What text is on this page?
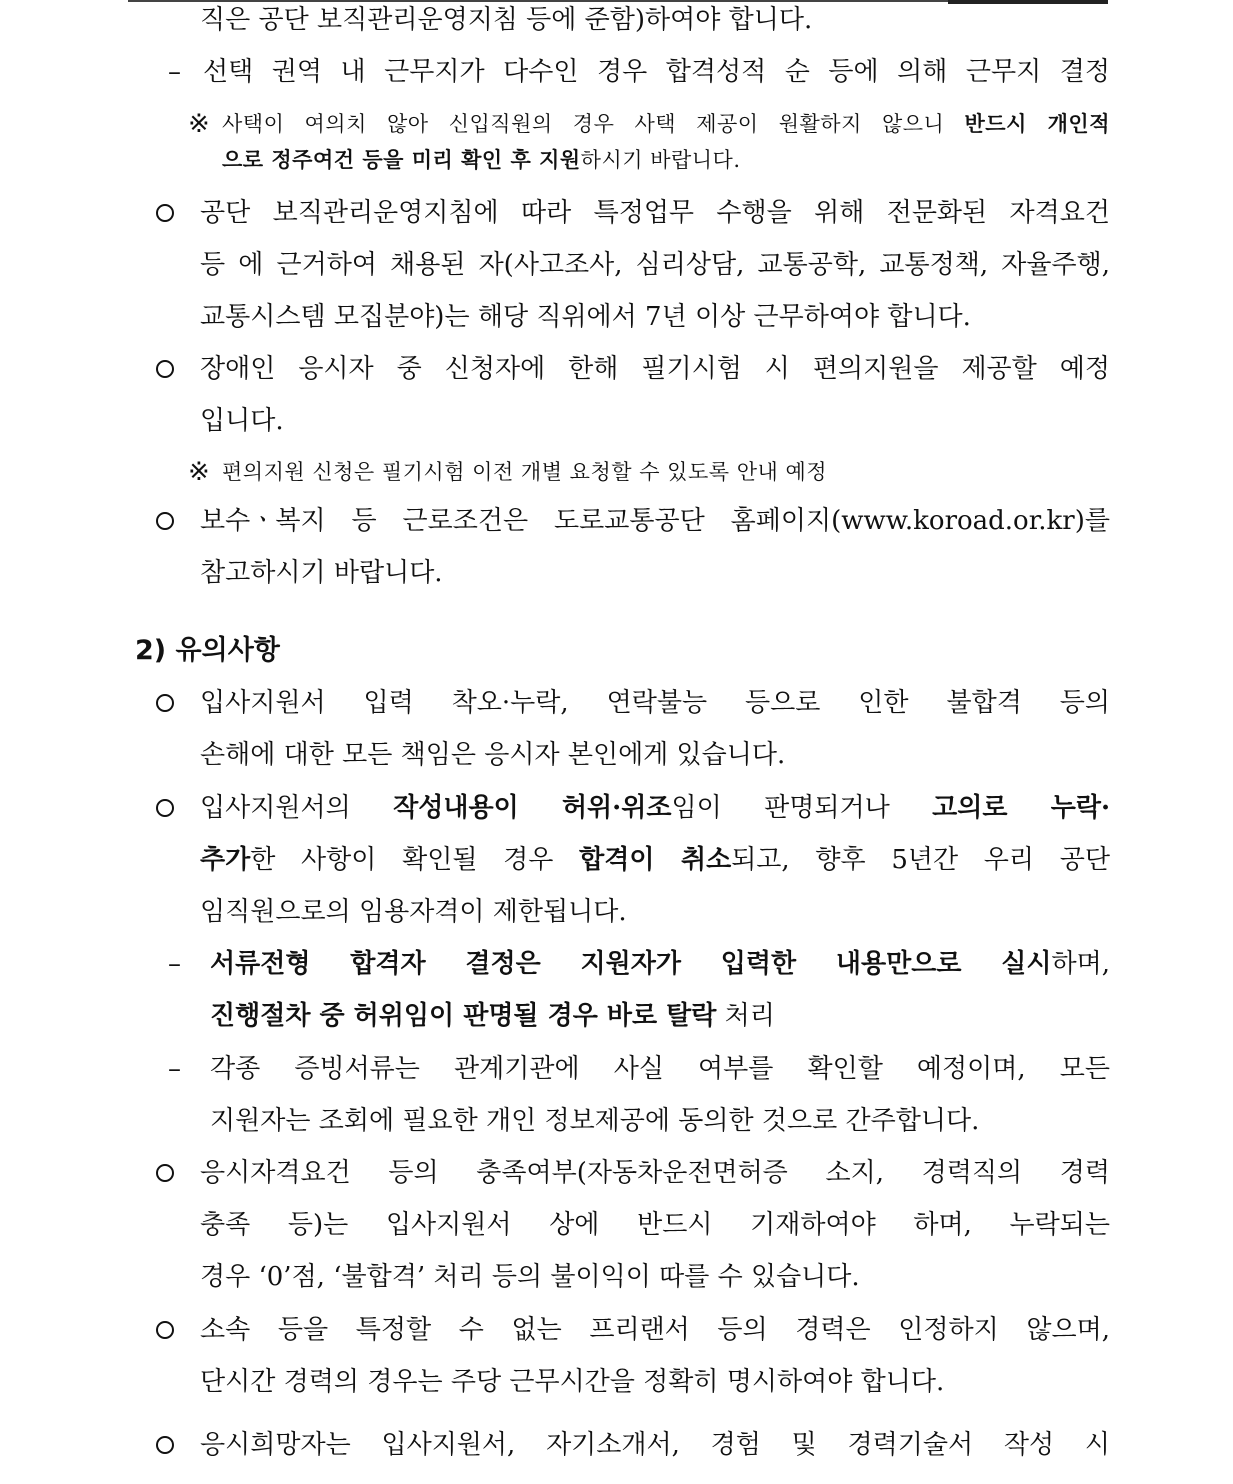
직은 공단 보직관리운영지침 등에 준함)하여야 합니다.
– 선택 권역 내 근무지가 다수인 경우 합격성적 순 등에 의해 근무지 결정
※ 사택이 여의치 않아 신입직원의 경우 사택 제공이 원활하지 않으니 반드시 개인적
으로 정주여건 등을 미리 확인 후 지원하시기 바랍니다.
공단 보직관리운영지침에 따라 특정업무 수행을 위해 전문화된 자격요건
등 에 근거하여 채용된 자(사고조사, 심리상담, 교통공학, 교통정책, 자율주행,
교통시스템 모집분야)는 해당 직위에서 7년 이상 근무하여야 합니다.
장애인 응시자 중 신청자에 한해 필기시험 시 편의지원을 제공할 예정
입니다.
※ 편의지원 신청은 필기시험 이전 개별 요청할 수 있도록 안내 예정
보수ㆍ복지 등 근로조건은 도로교통공단 홈페이지(www.koroad.or.kr)를
참고하시기 바랍니다.
2) 유의사항
입사지원서 입력 착오·누락, 연락불능 등으로 인한 불합격 등의
손해에 대한 모든 책임은 응시자 본인에게 있습니다.
입사지원서의 작성내용이 허위·위조임이 판명되거나 고의로 누락·
추가한 사항이 확인될 경우 합격이 취소되고, 향후 5년간 우리 공단
임직원으로의 임용자격이 제한됩니다.
– 서류전형 합격자 결정은 지원자가 입력한 내용만으로 실시하며,
진행절차 중 허위임이 판명될 경우 바로 탈락 처리
– 각종 증빙서류는 관계기관에 사실 여부를 확인할 예정이며, 모든
지원자는 조회에 필요한 개인 정보제공에 동의한 것으로 간주합니다.
응시자격요건 등의 충족여부(자동차운전면허증 소지, 경력직의 경력
충족 등)는 입사지원서 상에 반드시 기재하여야 하며, 누락되는
경우 ‘0’점, ‘불합격’ 처리 등의 불이익이 따를 수 있습니다.
소속 등을 특정할 수 없는 프리랜서 등의 경력은 인정하지 않으며,
단시간 경력의 경우는 주당 근무시간을 정확히 명시하여야 합니다.
응시희망자는 입사지원서, 자기소개서, 경험 및 경력기술서 작성 시
